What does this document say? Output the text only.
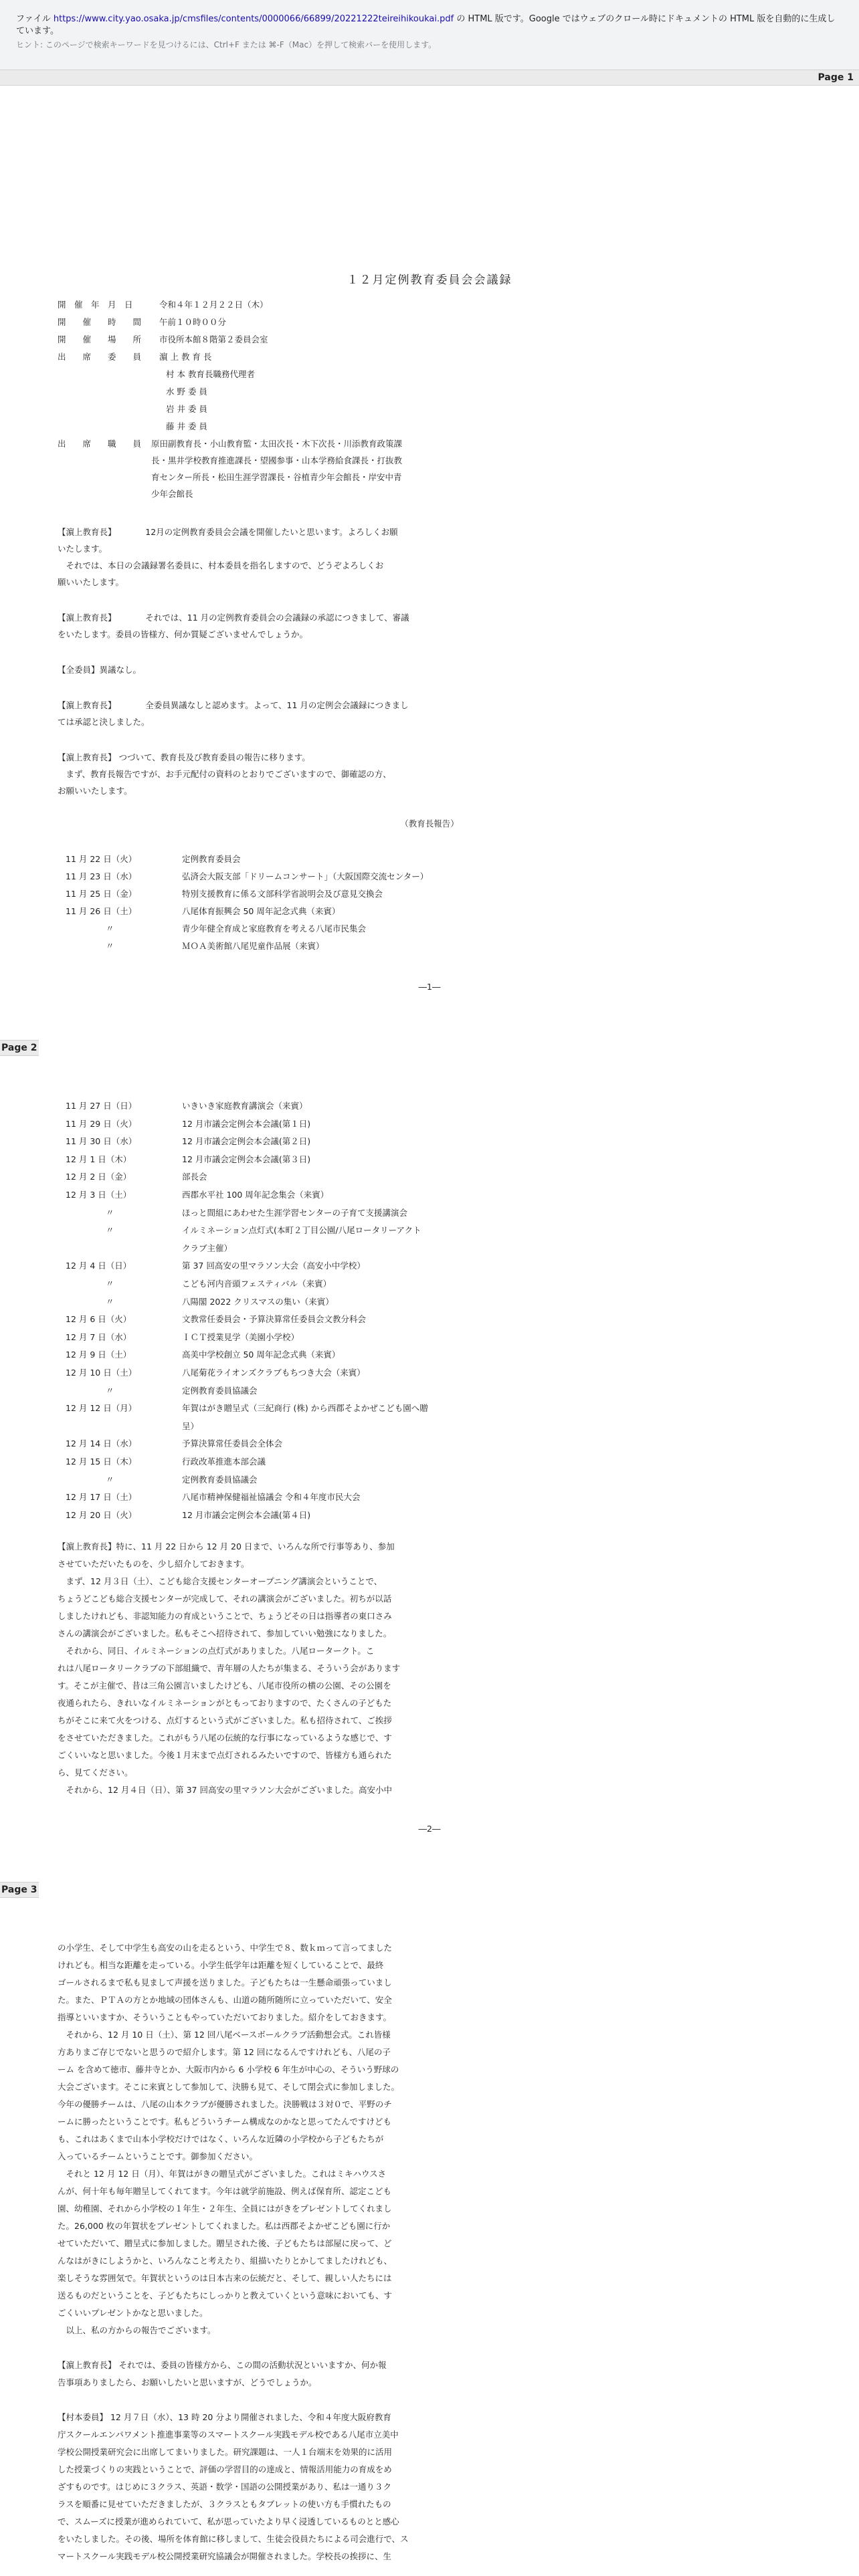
ファイル https://www.city.yao.osaka.jp/cmsfiles/contents/0000066/66899/20221222teireihikoukai.pdf の HTML 版です。Google ではウェブのクロール時にドキュメントの HTML 版を自動的に生成しています。
ヒント: このページで検索キーワードを見つけるには、Ctrl+F または ⌘-F（Mac）を押して検索バーを使用します。
Page 1
１２月定例教育委員会会議録
開　催　年　月　日	令和４年１２月２２日（木）
開　　催　　時　　間 午前１０時００分
開　　催　　場　　所 市役所本館８階第２委員会室
出　　席　　委　　員 濵 上 教 育 長
村 本 教育長職務代理者
水 野 委 員
岩 井 委 員
藤 井 委 員
出　　席　　職　　員 原田副教育長・小山教育監・太田次長・木下次長・川添教育政策課
長・黒井学校教育推進課長・望國参事・山本学務給食課長・打抜教
育センター所長・松田生涯学習課長・谷植青少年会館長・岸安中青
少年会館長
【濵上教育長】　　　　12月の定例教育委員会会議を開催したいと思います。よろしくお願
いたします。
　それでは、本日の会議録署名委員に、村本委員を指名しますので、どうぞよろしくお
願いいたします。
【濵上教育長】　　　　それでは、11 月の定例教育委員会の会議録の承認につきまして、審議
をいたします。委員の皆様方、何か質疑ございませんでしょうか。
【全委員】異議なし。
【濵上教育長】　　　　全委員異議なしと認めます。よって、11 月の定例会会議録につきまし
ては承認と決しました。
【濵上教育長】 つづいて、教育長及び教育委員の報告に移ります。
　まず、教育長報告ですが、お手元配付の資料のとおりでございますので、御確認の方、
お願いいたします。
（教育長報告）
11 月 22 日（火）	定例教育委員会
11 月 23 日（水）	弘済会大阪支部「ドリームコンサート」（大阪国際交流センター）
11 月 25 日（金）	特別支援教育に係る文部科学省説明会及び意見交換会
11 月 26 日（土）	八尾体育振興会 50 周年記念式典（来賓）
〃	青少年健全育成と家庭教育を考える八尾市民集会
〃	ＭＯＡ美術館八尾児童作品展（来賓）
―1―
Page 2
11 月 27 日（日）	いきいき家庭教育講演会（来賓）
11 月 29 日（火）	12 月市議会定例会本会議(第１日)
11 月 30 日（水）	12 月市議会定例会本会議(第２日)
12 月 1 日（木）	12 月市議会定例会本会議(第３日)
12 月 2 日（金）	部長会
12 月 3 日（土）	西郡水平社 100 周年記念集会（来賓）
〃	ほっと間組にあわせた生涯学習センターの子育て支援講演会
〃	イルミネーション点灯式(本町２丁目公園/八尾ロータリーアクト
クラブ主催）
12 月 4 日（日）	第 37 回高安の里マラソン大会（高安小中学校）
〃	こども河内音頭フェスティバル（来賓）
〃	八陽閣 2022 クリスマスの集い（来賓）
12 月 6 日（火）	文教常任委員会・予算決算常任委員会文教分科会
12 月 7 日（水）	ＩＣＴ授業見学（美園小学校）
12 月 9 日（土）	高美中学校創立 50 周年記念式典（来賓）
12 月 10 日（土）	八尾菊花ライオンズクラブもちつき大会（来賓）
〃	定例教育委員協議会
12 月 12 日（月）	年賀はがき贈呈式（三紀商行 (株) から西郡そよかぜこども園へ贈
呈）
12 月 14 日（水）	予算決算常任委員会全体会
12 月 15 日（木）	行政改革推進本部会議
〃	定例教育委員協議会
12 月 17 日（土）	八尾市精神保健福祉協議会 令和４年度市民大会
12 月 20 日（火）	12 月市議会定例会本会議(第４日)
【濵上教育長】特に、11 月 22 日から 12 月 20 日まで、いろんな所で行事等あり、参加
させていただいたものを、少し紹介しておきます。
　まず、12 月３日（土）、こども総合支援センターオープニング講演会ということで、
ちょうどこども総合支援センターが完成して、それの講演会がございました。初ちが以話
しましたけれども、非認知能力の育成ということで、ちょうどその日は指導者の東口さみ
さんの講演会がございました。私もそこへ招待されて、参加していい勉強になりました。
　それから、同日、イルミネーションの点灯式がありました。八尾ロータークト。こ
れは八尾ロータリークラブの下部組織で、青年層の人たちが集まる、そういう会があります
す。そこが主催で、昔は三角公園言いましたけども、八尾市役所の横の公園、その公園を
夜通られたら、きれいなイルミネーションがともっておりますので、たくさんの子どもた
ちがそこに来て火をつける、点灯するという式がございました。私も招待されて、ご挨拶
をさせていただきました。これがもう八尾の伝統的な行事になっているような感じで、す
ごくいいなと思いました。今後１月末まで点灯されるみたいですので、皆様方も通られた
ら、見てください。
　それから、12 月４日（日）、第 37 回高安の里マラソン大会がございました。高安小中
―2―
Page 3
の小学生、そして中学生も高安の山を走るという、中学生で８、数ｋｍって言ってました
けれども。相当な距離を走っている。小学生低学年は距離を短くしていることで、最終
ゴールされるまで私も見まして声援を送りました。子どもたちは一生懸命頑張っていまし
た。また、ＰＴＡの方とか地域の団体さんも、山道の随所随所に立っていただいて、安全
指導といいますか、そういうこともやっていただいておりました。紹介をしておきます。
　それから、12 月 10 日（土）、第 12 回八尾ベースボールクラブ活動想会式。これ皆様
方ありまご存じでないと思うので紹介します。第 12 回になるんですけれども、八尾の子
ーム を含めて徳市、藤井寺とか、大阪市内から 6 小学校 6 年生が中心の、そういう野球の
大会ございます。そこに来賓として参加して、決勝も見て、そして閉会式に参加しました。
今年の優勝チームは、八尾の山本クラブが優勝されました。決勝戦は３対０で、平野のチ
ームに勝ったということです。私もどういうチーム構成なのかなと思ってたんですけども
も、これはあくまで山本小学校だけではなく、いろんな近隣の小学校から子どもたちが
入っているチームということです。御参加ください。
　それと 12 月 12 日（月）、年賀はがきの贈呈式がございました。これはミキハウスさ
んが、何十年も毎年贈呈してくれてます。今年は就学前施設、例えば保育所、認定こども
園、幼稚園、それから小学校の１年生・２年生、全員にはがきをプレゼントしてくれまし
た。26,000 枚の年賀状をプレゼントしてくれました。私は西郡そよかぜこども園に行か
せていただいて、贈呈式に参加しました。贈呈された後、子どもたちは部屋に戻って、ど
んなはがきにしようかと、いろんなこと考えたり、組描いたりとかしてましたけれども、
楽しそうな雰囲気で。年賀状というのは日本古来の伝統だと、そして、親しい人たちには
送るものだということを、子どもたちにしっかりと教えていくという意味においても、す
ごくいいプレゼントかなと思いました。
　以上、私の方からの報告でございます。
【濵上教育長】 それでは、委員の皆様方から、この間の活動状況といいますか、何か報
告事項ありましたら、お願いしたいと思いますが、どうでしょうか。
【村本委員】 12 月７日（水）、13 時 20 分より開催されました、令和４年度大阪府教育
庁スクールエンパワメント推進事業等のスマートスクール実践モデル校である八尾市立美中
学校公開授業研究会に出席してまいりました。研究課題は、一人１台端末を効果的に活用
した授業づくりの実践ということで、評価の学習目的の達成と、情報活用能力の育成をめ
ざすものです。はじめに３クラス、英語・数学・国語の公開授業があり、私は一通り３ク
ラスを順番に見せていただきましたが、３クラスともタブレットの使い方も手慣れたもの
で、スムーズに授業が進められていて、私が思っていたより早く浸透しているものとと感心
をいたしました。その後、場所を体育館に移しまして、生徒会役員たちによる司会進行で、ス
マートスクール実践モデル校公開授業研究協議会が開催されました。学校長の挨拶に、生
